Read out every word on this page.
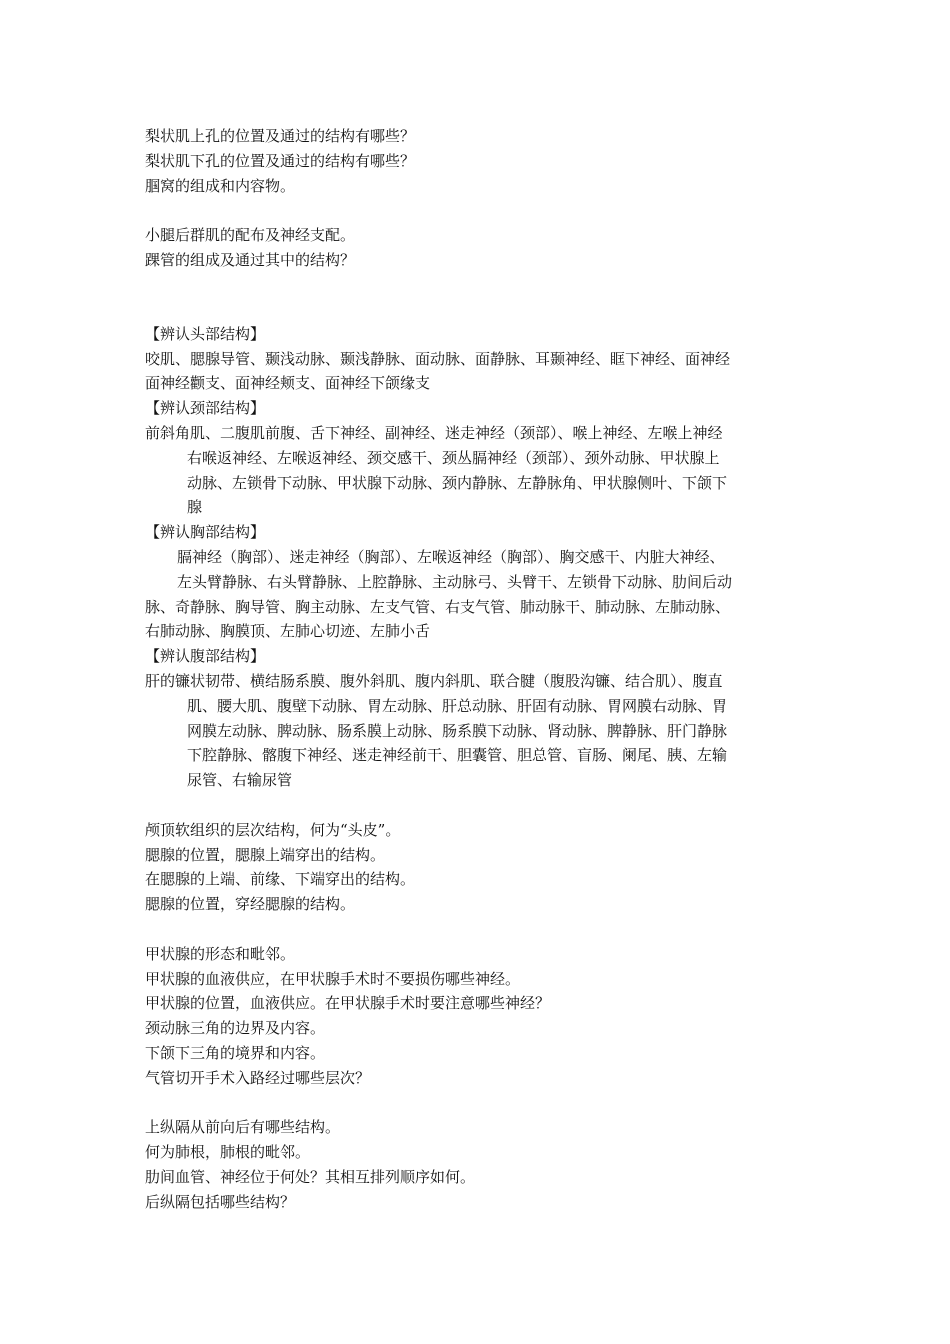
梨状肌上孔的位置及通过的结构有哪些？
梨状肌下孔的位置及通过的结构有哪些？
腘窝的组成和内容物。
小腿后群肌的配布及神经支配。
踝管的组成及通过其中的结构？
【辨认头部结构】
咬肌、腮腺导管、颞浅动脉、颞浅静脉、面动脉、面静脉、耳颞神经、眶下神经、面神经
面神经颧支、面神经颊支、面神经下颌缘支
【辨认颈部结构】
前斜角肌、二腹肌前腹、舌下神经、副神经、迷走神经（颈部）、喉上神经、左喉上神经
右喉返神经、左喉返神经、颈交感干、颈丛膈神经（颈部）、颈外动脉、甲状腺上
动脉、左锁骨下动脉、甲状腺下动脉、颈内静脉、左静脉角、甲状腺侧叶、下颌下
腺
【辨认胸部结构】
膈神经（胸部）、迷走神经（胸部）、左喉返神经（胸部）、胸交感干、内脏大神经、
左头臂静脉、右头臂静脉、上腔静脉、主动脉弓、头臂干、左锁骨下动脉、肋间后动
脉、奇静脉、胸导管、胸主动脉、左支气管、右支气管、肺动脉干、肺动脉、左肺动脉、
右肺动脉、胸膜顶、左肺心切迹、左肺小舌
【辨认腹部结构】
肝的镰状韧带、横结肠系膜、腹外斜肌、腹内斜肌、联合腱（腹股沟镰、结合肌）、腹直
肌、腰大肌、腹壁下动脉、胃左动脉、肝总动脉、肝固有动脉、胃网膜右动脉、胃
网膜左动脉、脾动脉、肠系膜上动脉、肠系膜下动脉、肾动脉、脾静脉、肝门静脉
下腔静脉、髂腹下神经、迷走神经前干、胆囊管、胆总管、盲肠、阑尾、胰、左输
尿管、右输尿管
颅顶软组织的层次结构，何为“头皮”。
腮腺的位置，腮腺上端穿出的结构。
在腮腺的上端、前缘、下端穿出的结构。
腮腺的位置，穿经腮腺的结构。
甲状腺的形态和毗邻。
甲状腺的血液供应，在甲状腺手术时不要损伤哪些神经。
甲状腺的位置，血液供应。在甲状腺手术时要注意哪些神经？
颈动脉三角的边界及内容。
下颌下三角的境界和内容。
气管切开手术入路经过哪些层次？
上纵隔从前向后有哪些结构。
何为肺根，肺根的毗邻。
肋间血管、神经位于何处？其相互排列顺序如何。
后纵隔包括哪些结构？
